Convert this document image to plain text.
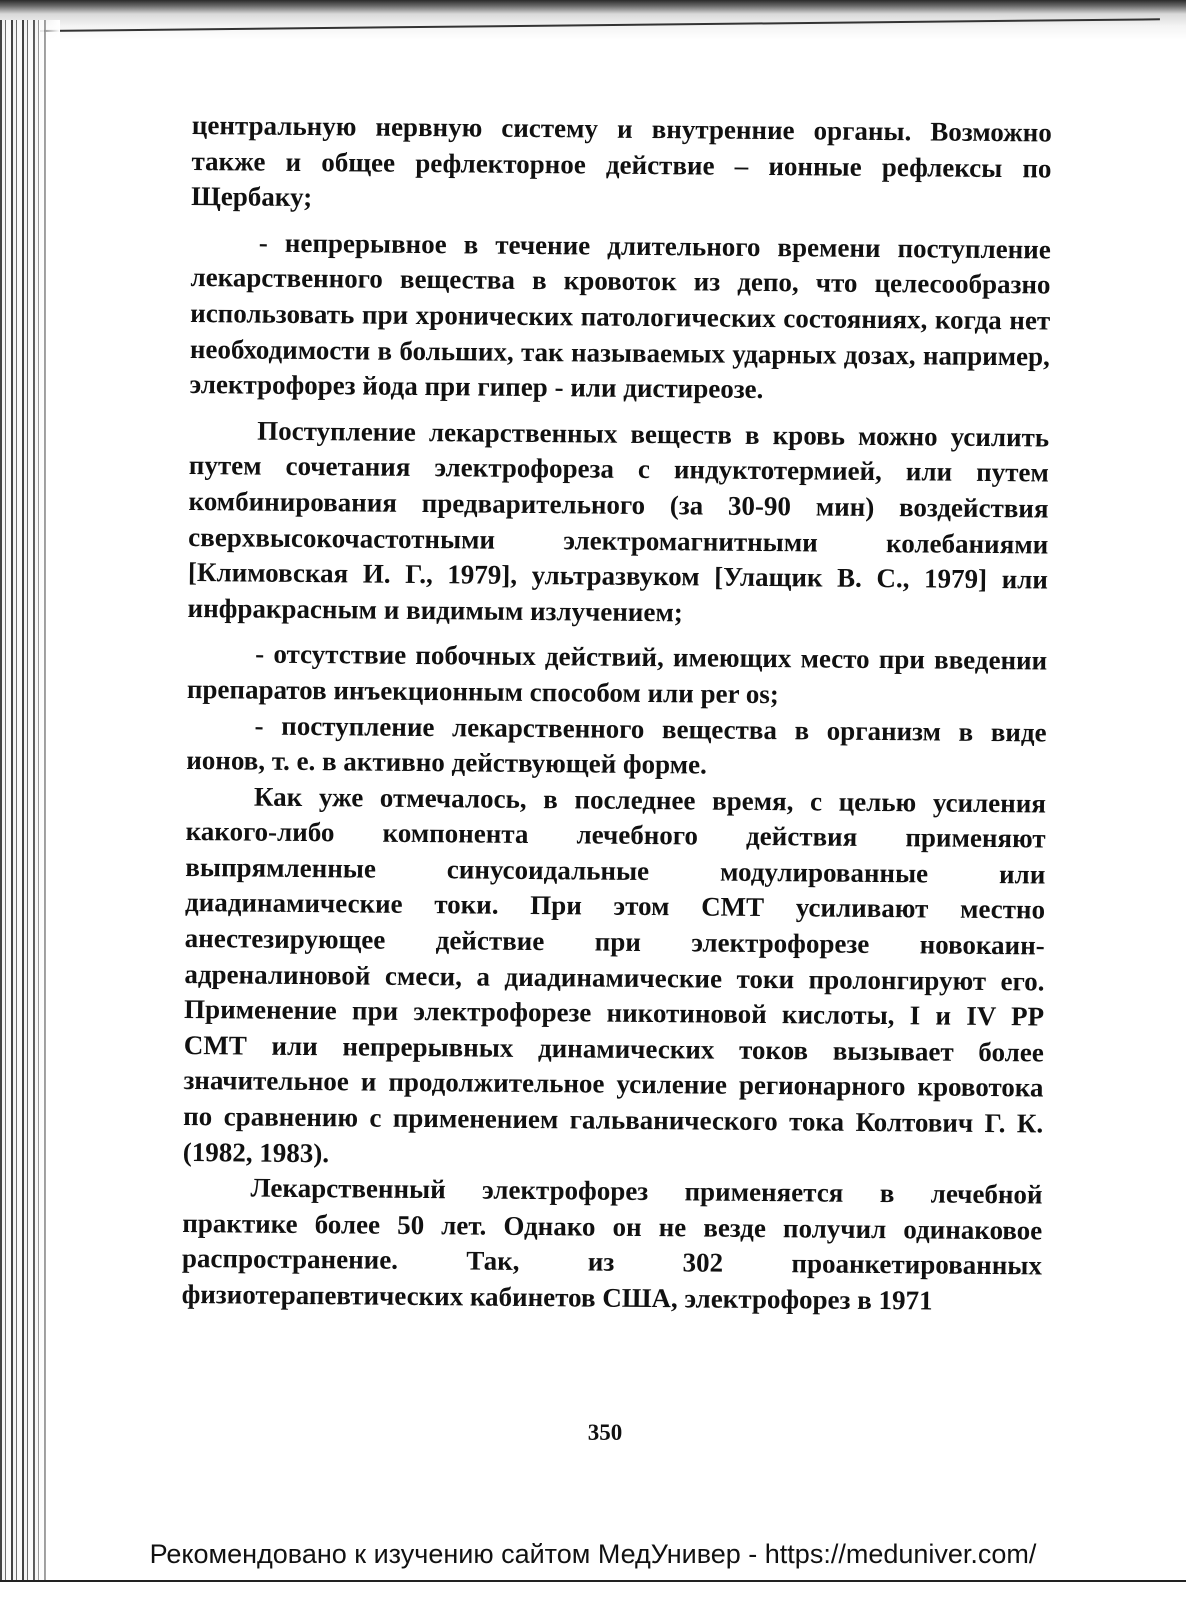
центральную нервную систему и внутренние органы. Возможно также и общее рефлекторное действие – ионные рефлексы по Щербаку;

- непрерывное в течение длительного времени поступление лекарственного вещества в кровоток из депо, что целесообразно использовать при хронических патологических состояниях, когда нет необходимости в больших, так называемых ударных дозах, например, электрофорез йода при гипер - или дистиреозе.

Поступление лекарственных веществ в кровь можно усилить путем сочетания электрофореза с индуктотермией, или путем комбинирования предварительного (за 30-90 мин) воздействия сверхвысокочастотными электромагнитными колебаниями [Климовская И. Г., 1979], ультразвуком [Улащик В. С., 1979] или инфракрасным и видимым излучением;

- отсутствие побочных действий, имеющих место при введении препаратов инъекционным способом или per os;

- поступление лекарственного вещества в организм в виде ионов, т. е. в активно действующей форме.

Как уже отмечалось, в последнее время, с целью усиления какого-либо компонента лечебного действия применяют выпрямленные синусоидальные модулированные или диадинамические токи. При этом СМТ усиливают местно анестезирующее действие при электрофорезе новокаин-адреналиновой смеси, а диадинамические токи пролонгируют его. Применение при электрофорезе никотиновой кислоты, I и IV PP СМТ или непрерывных динамических токов вызывает более значительное и продолжительное усиление регионарного кровотока по сравнению с применением гальванического тока Колтович Г. К. (1982, 1983).

Лекарственный электрофорез применяется в лечебной практике более 50 лет. Однако он не везде получил одинаковое распространение. Так, из 302 проанкетированных физиотерапевтических кабинетов США, электрофорез в 1971

350
Рекомендовано к изучению сайтом МедУнивер - https://meduniver.com/
